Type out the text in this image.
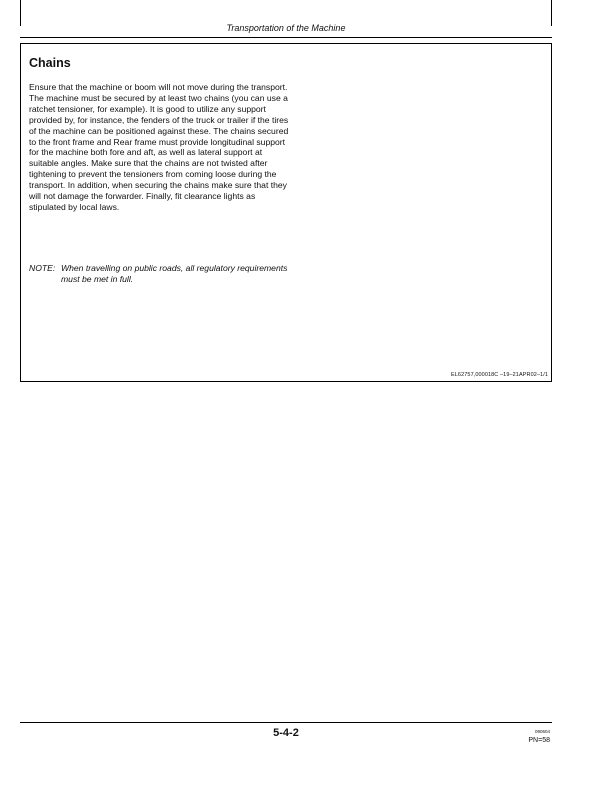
Transportation of the Machine
Chains

Ensure that the machine or boom will not move during the transport. The machine must be secured by at least two chains (you can use a ratchet tensioner, for example). It is good to utilize any support provided by, for instance, the fenders of the truck or trailer if the tires of the machine can be positioned against these. The chains secured to the front frame and Rear frame must provide longitudinal support for the machine both fore and aft, as well as lateral support at suitable angles. Make sure that the chains are not twisted after tightening to prevent the tensioners from coming loose during the transport. In addition, when securing the chains make sure that they will not damage the forwarder. Finally, fit clearance lights as stipulated by local laws.

NOTE: When travelling on public roads, all regulatory requirements must be met in full.
EL62757,000018C –19–21APR02–1/1
5-4-2	090604
PN=58
